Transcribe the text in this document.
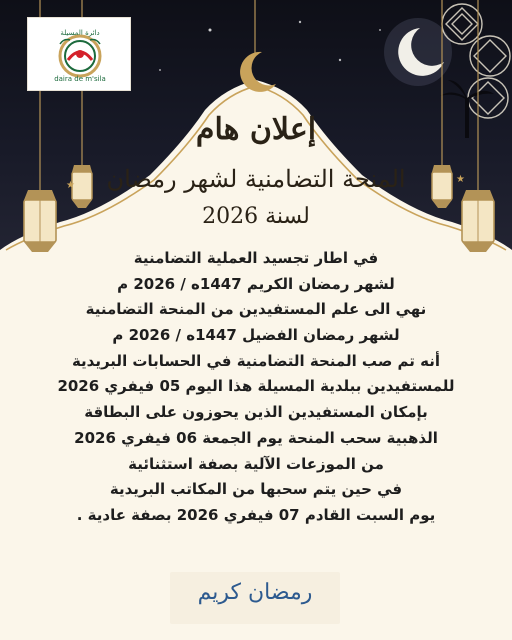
★
★
دائرة المسيلة
daira de m'sila
إعلان هام
المنحة التضامنية لشهر رمضان
لسنة 2026
في اطار تجسيد العملية التضامنية
لشهر رمضان الكريم 1447ه / 2026 م
نهي الى علم المستفيدين من المنحة التضامنية
لشهر رمضان الفضيل 1447ه / 2026 م
أنه تم صب المنحة التضامنية في الحسابات البريدية
للمستفيدين ببلدية المسيلة هذا اليوم 05 فيفري 2026
بإمكان المستفيدين الذين يحوزون على البطاقة
الذهبية سحب المنحة يوم الجمعة 06 فيفري 2026
من الموزعات الآلية بصفة استثنائية
في حين يتم سحبها من المكاتب البريدية
يوم السبت القادم 07 فيفري 2026 بصفة عادية .
رمضان كريم
